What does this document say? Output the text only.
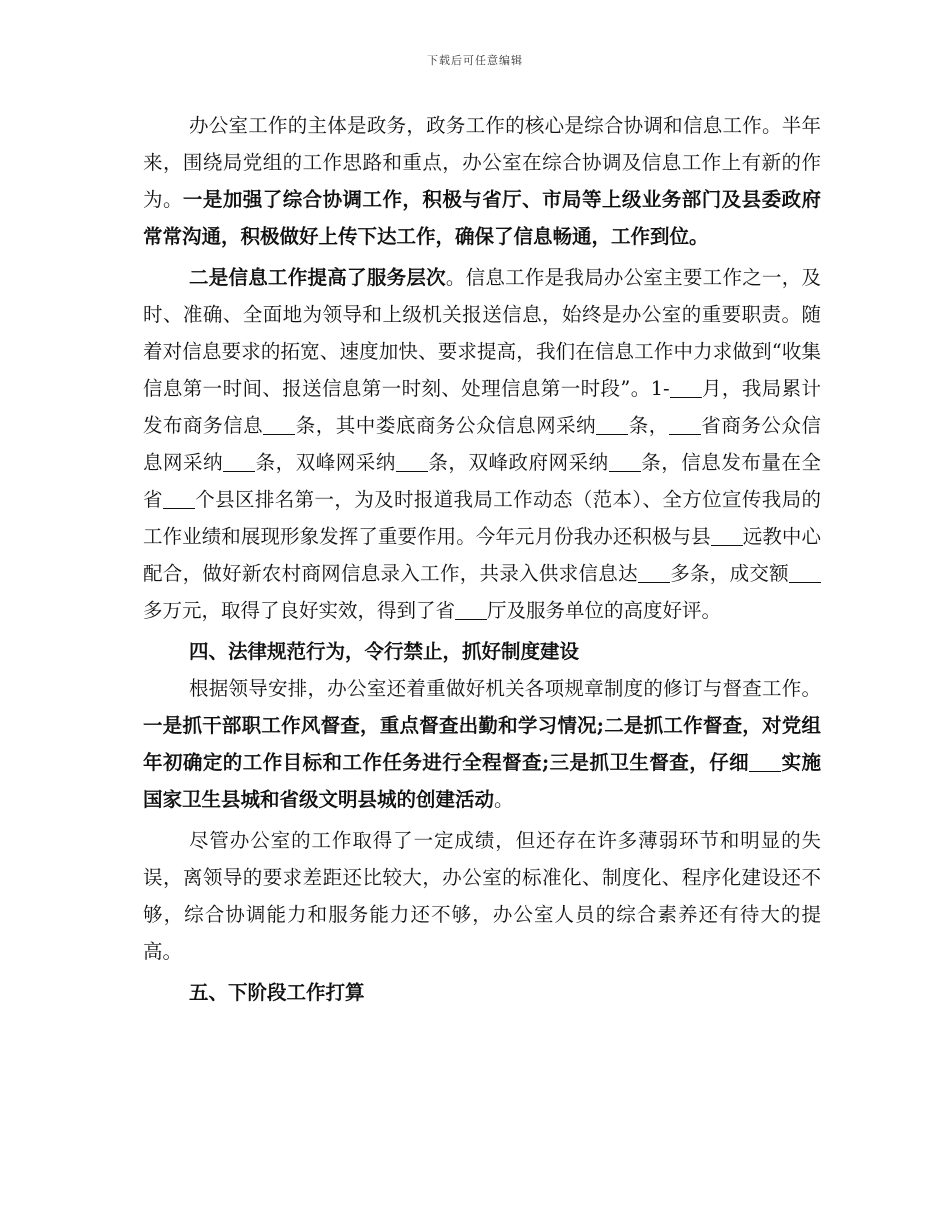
下载后可任意编辑

办公室工作的主体是政务，政务工作的核心是综合协调和信息工作。半年来，围绕局党组的工作思路和重点，办公室在综合协调及信息工作上有新的作为。一是加强了综合协调工作，积极与省厅、市局等上级业务部门及县委政府常常沟通，积极做好上传下达工作，确保了信息畅通，工作到位。

二是信息工作提高了服务层次。信息工作是我局办公室主要工作之一，及时、准确、全面地为领导和上级机关报送信息，始终是办公室的重要职责。随着对信息要求的拓宽、速度加快、要求提高，我们在信息工作中力求做到“收集信息第一时间、报送信息第一时刻、处理信息第一时段”。1- 月，我局累计发布商务信息 条，其中娄底商务公众信息网采纳 条， 省商务公众信息网采纳 条，双峰网采纳 条，双峰政府网采纳 条，信息发布量在全省 个县区排名第一，为及时报道我局工作动态（范本）、全方位宣传我局的工作业绩和展现形象发挥了重要作用。今年元月份我办还积极与县 远教中心配合，做好新农村商网信息录入工作，共录入供求信息达 多条，成交额多万元，取得了良好实效，得到了省 厅及服务单位的高度好评。

四、法律规范行为，令行禁止，抓好制度建设

根据领导安排，办公室还着重做好机关各项规章制度的修订与督查工作。一是抓干部职工作风督查，重点督查出勤和学习情况;二是抓工作督查，对党组年初确定的工作目标和工作任务进行全程督查;三是抓卫生督查，仔细 实施国家卫生县城和省级文明县城的创建活动。

尽管办公室的工作取得了一定成绩，但还存在许多薄弱环节和明显的失误，离领导的要求差距还比较大，办公室的标准化、制度化、程序化建设还不够，综合协调能力和服务能力还不够，办公室人员的综合素养还有待大的提高。

五、下阶段工作打算
